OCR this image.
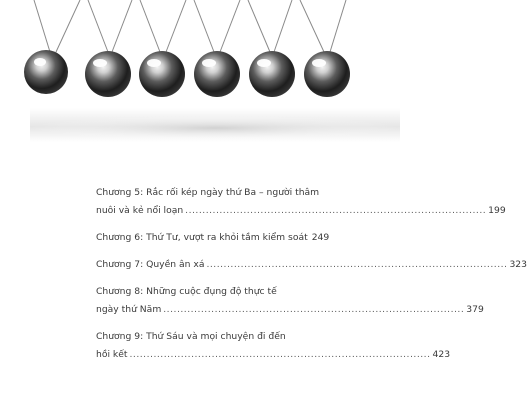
Chương 5: Rắc rối kép ngày thứ Ba – người thâm
nuôi và kẻ nổi loạn ........................................................................................ 199
Chương 6: Thứ Tư, vượt ra khỏi tầm kiểm soát 249
Chương 7: Quyền ân xá ........................................................................................ 323
Chương 8: Những cuộc đụng độ thực tế
ngày thứ Năm ........................................................................................ 379
Chương 9: Thứ Sáu và mọi chuyện đi đến
hồi kết ........................................................................................ 423
